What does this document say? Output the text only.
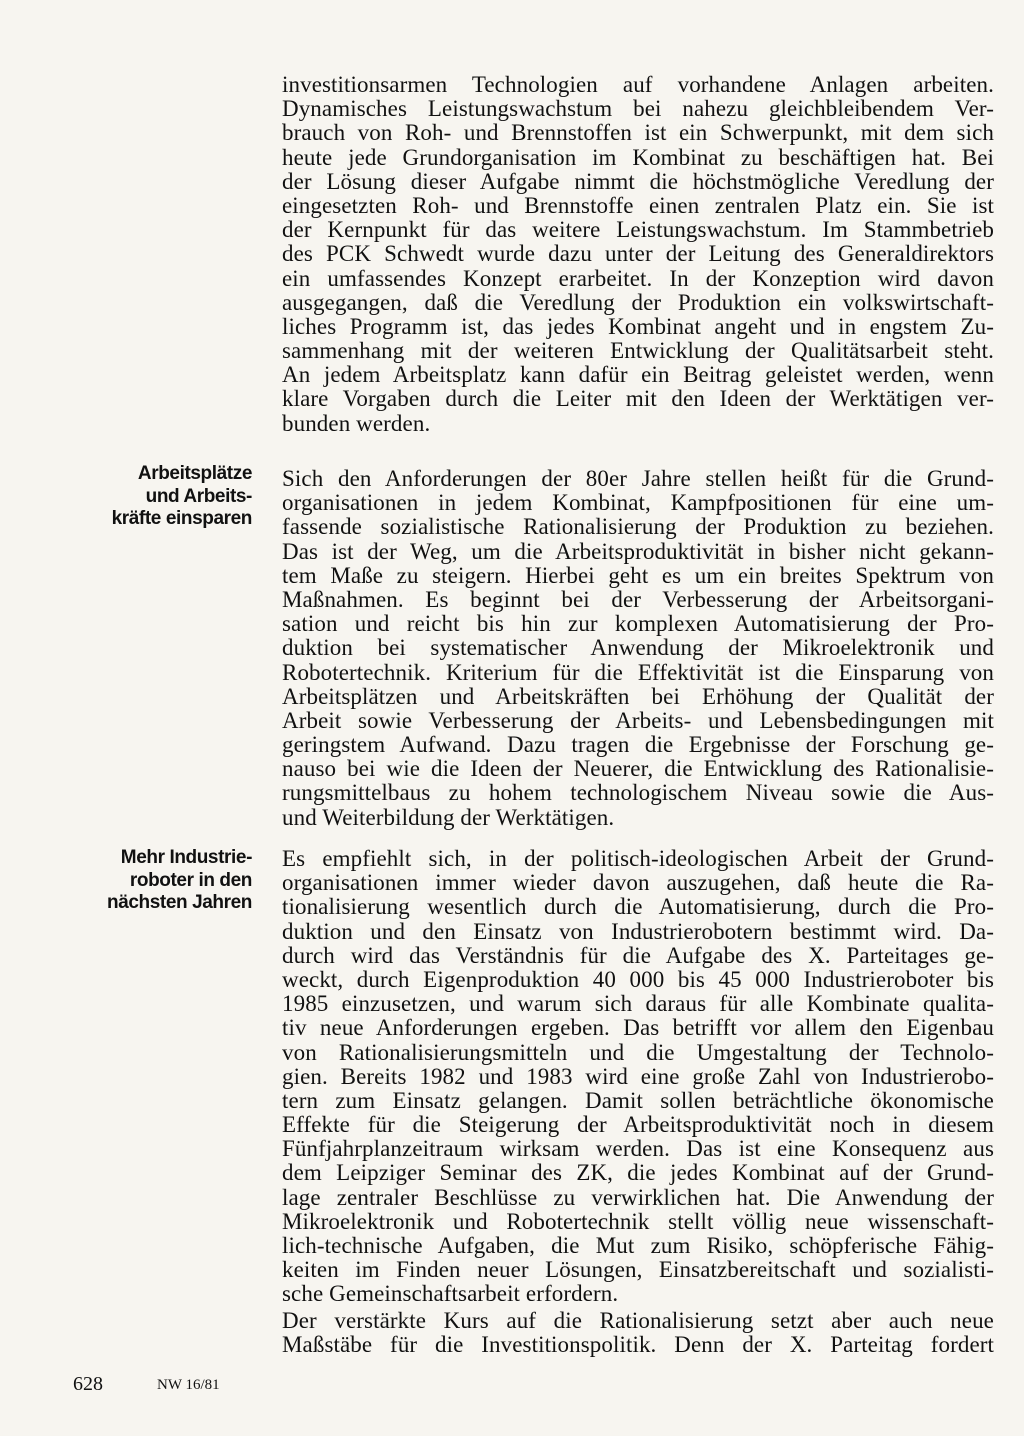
investitionsarmen Technologien auf vorhandene Anlagen arbeiten.
Dynamisches Leistungswachstum bei nahezu gleichbleibendem Ver-
brauch von Roh- und Brennstoffen ist ein Schwerpunkt, mit dem sich
heute jede Grundorganisation im Kombinat zu beschäftigen hat. Bei
der Lösung dieser Aufgabe nimmt die höchstmögliche Veredlung der
eingesetzten Roh- und Brennstoffe einen zentralen Platz ein. Sie ist
der Kernpunkt für das weitere Leistungswachstum. Im Stammbetrieb
des PCK Schwedt wurde dazu unter der Leitung des Generaldirektors
ein umfassendes Konzept erarbeitet. In der Konzeption wird davon
ausgegangen, daß die Veredlung der Produktion ein volkswirtschaft-
liches Programm ist, das jedes Kombinat angeht und in engstem Zu-
sammenhang mit der weiteren Entwicklung der Qualitätsarbeit steht.
An jedem Arbeitsplatz kann dafür ein Beitrag geleistet werden, wenn
klare Vorgaben durch die Leiter mit den Ideen der Werktätigen ver-
bunden werden.
Arbeitsplätze
und Arbeits-
kräfte einsparen
Sich den Anforderungen der 80er Jahre stellen heißt für die Grund-
organisationen in jedem Kombinat, Kampfpositionen für eine um-
fassende sozialistische Rationalisierung der Produktion zu beziehen.
Das ist der Weg, um die Arbeitsproduktivität in bisher nicht gekann-
tem Maße zu steigern. Hierbei geht es um ein breites Spektrum von
Maßnahmen. Es beginnt bei der Verbesserung der Arbeitsorgani-
sation und reicht bis hin zur komplexen Automatisierung der Pro-
duktion bei systematischer Anwendung der Mikroelektronik und
Robotertechnik. Kriterium für die Effektivität ist die Einsparung von
Arbeitsplätzen und Arbeitskräften bei Erhöhung der Qualität der
Arbeit sowie Verbesserung der Arbeits- und Lebensbedingungen mit
geringstem Aufwand. Dazu tragen die Ergebnisse der Forschung ge-
nauso bei wie die Ideen der Neuerer, die Entwicklung des Rationalisie-
rungsmittelbaus zu hohem technologischem Niveau sowie die Aus-
und Weiterbildung der Werktätigen.
Mehr Industrie-
roboter in den
nächsten Jahren
Es empfiehlt sich, in der politisch-ideologischen Arbeit der Grund-
organisationen immer wieder davon auszugehen, daß heute die Ra-
tionalisierung wesentlich durch die Automatisierung, durch die Pro-
duktion und den Einsatz von Industrierobotern bestimmt wird. Da-
durch wird das Verständnis für die Aufgabe des X. Parteitages ge-
weckt, durch Eigenproduktion 40 000 bis 45 000 Industrieroboter bis
1985 einzusetzen, und warum sich daraus für alle Kombinate qualita-
tiv neue Anforderungen ergeben. Das betrifft vor allem den Eigenbau
von Rationalisierungsmitteln und die Umgestaltung der Technolo-
gien. Bereits 1982 und 1983 wird eine große Zahl von Industrierobo-
tern zum Einsatz gelangen. Damit sollen beträchtliche ökonomische
Effekte für die Steigerung der Arbeitsproduktivität noch in diesem
Fünfjahrplanzeitraum wirksam werden. Das ist eine Konsequenz aus
dem Leipziger Seminar des ZK, die jedes Kombinat auf der Grund-
lage zentraler Beschlüsse zu verwirklichen hat. Die Anwendung der
Mikroelektronik und Robotertechnik stellt völlig neue wissenschaft-
lich-technische Aufgaben, die Mut zum Risiko, schöpferische Fähig-
keiten im Finden neuer Lösungen, Einsatzbereitschaft und sozialisti-
sche Gemeinschaftsarbeit erfordern.
Der verstärkte Kurs auf die Rationalisierung setzt aber auch neue
Maßstäbe für die Investitionspolitik. Denn der X. Parteitag fordert
628	NW 16/81
